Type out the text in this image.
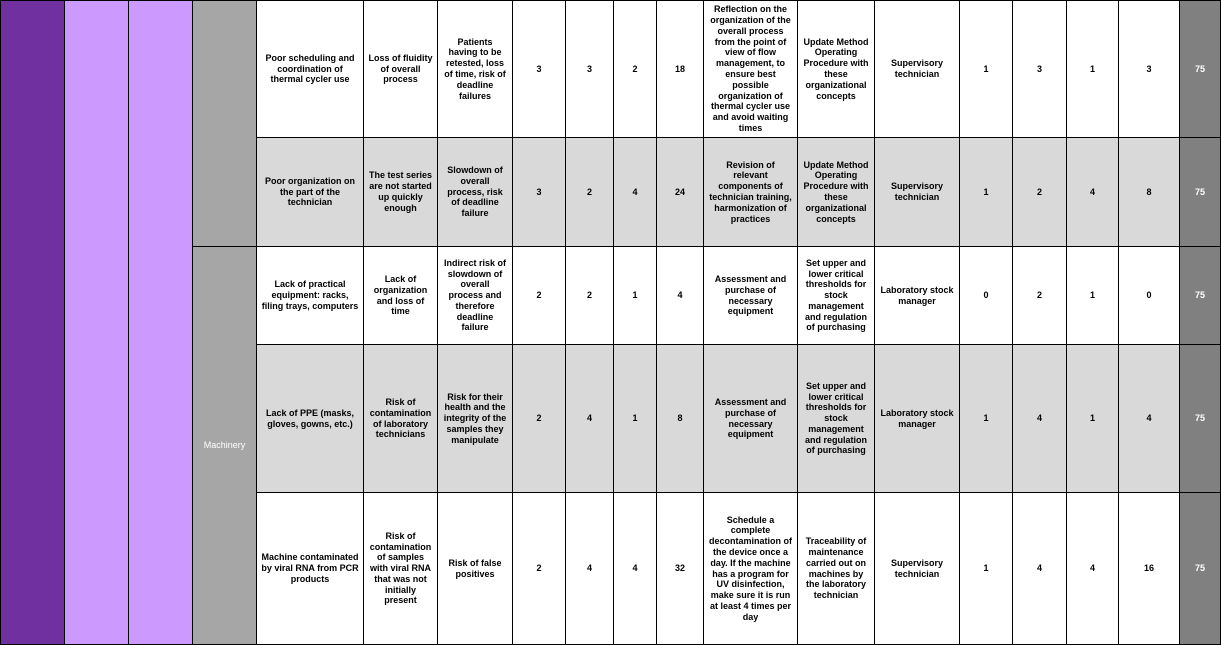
				Poor scheduling and coordination of thermal cycler use	Loss of fluidity of overall process	Patients having to be retested, loss of time, risk of deadline failures	3	3	2	18	Reflection on the organization of the overall process from the point of view of flow management, to ensure best possible organization of thermal cycler use and avoid waiting times	Update Method Operating Procedure with these organizational concepts	Supervisory technician	1	3	1	3	75
				Poor organization on the part of the technician	The test series are not started up quickly enough	Slowdown of overall process, risk of deadline failure	3	2	4	24	Revision of relevant components of technician training, harmonization of practices	Update Method Operating Procedure with these organizational concepts	Supervisory technician	1	2	4	8	75
			Machinery	Lack of practical equipment: racks, filing trays, computers	Lack of organization and loss of time	Indirect risk of slowdown of overall process and therefore deadline failure	2	2	1	4	Assessment and purchase of necessary equipment	Set upper and lower critical thresholds for stock management and regulation of purchasing	Laboratory stock manager	0	2	1	0	75
				Lack of PPE (masks, gloves, gowns, etc.)	Risk of contamination of laboratory technicians	Risk for their health and the integrity of the samples they manipulate	2	4	1	8	Assessment and purchase of necessary equipment	Set upper and lower critical thresholds for stock management and regulation of purchasing	Laboratory stock manager	1	4	1	4	75
				Machine contaminated by viral RNA from PCR products	Risk of contamination of samples with viral RNA that was not initially present	Risk of false positives	2	4	4	32	Schedule a complete decontamination of the device once a day. If the machine has a program for UV disinfection, make sure it is run at least 4 times per day	Traceability of maintenance carried out on machines by the laboratory technician	Supervisory technician	1	4	4	16	75
